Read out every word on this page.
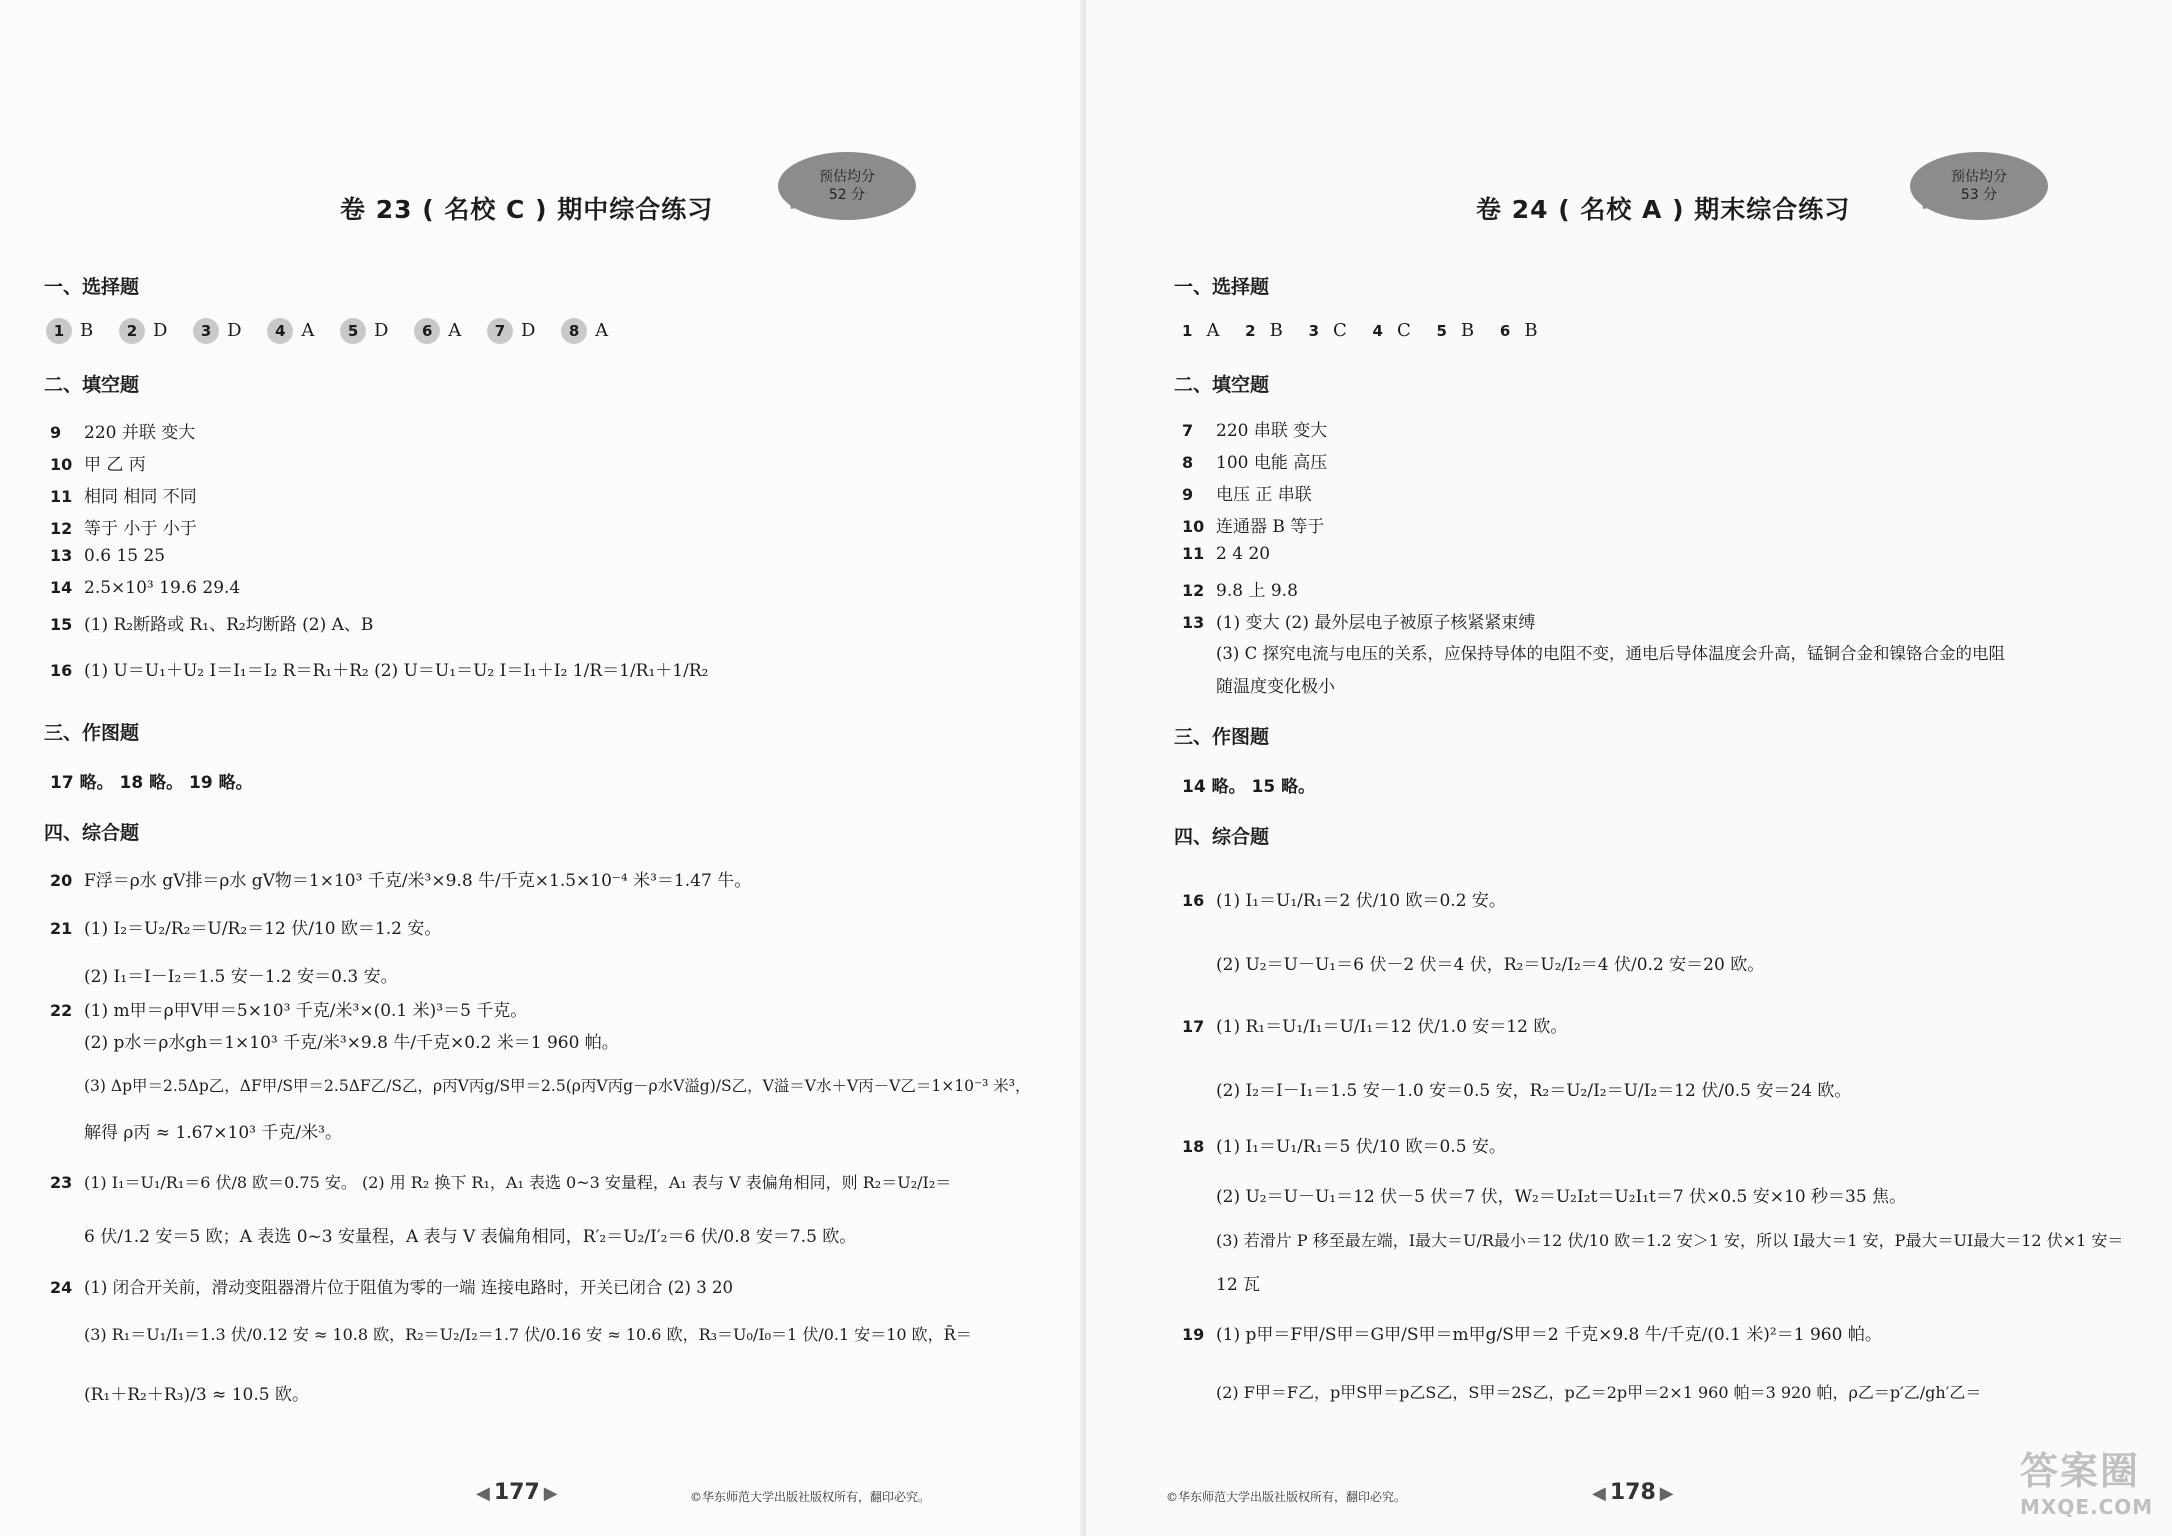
卷 23 ( 名校 C ) 期中综合练习
预估均分
52 分
一、选择题
1 B 2 D 3 D 4 A 5 D 6 A 7 D 8 A
二、填空题
9 220 并联 变大
10 甲 乙 丙
11 相同 相同 不同
12 等于 小于 小于
13 0.6 15 25
14 2.5×10³ 19.6 29.4
15 (1) R₂断路或 R₁、R₂均断路 (2) A、B
16 (1) U＝U₁＋U₂ I＝I₁＝I₂ R＝R₁＋R₂ (2) U＝U₁＝U₂ I＝I₁＋I₂ 1/R＝1/R₁＋1/R₂
三、作图题
17 略。 18 略。 19 略。
四、综合题
20 F浮＝ρ水 gV排＝ρ水 gV物＝1×10³ 千克/米³×9.8 牛/千克×1.5×10⁻⁴ 米³＝1.47 牛。
21 (1) I₂＝U₂/R₂＝U/R₂＝12 伏/10 欧＝1.2 安。
(2) I₁＝I－I₂＝1.5 安－1.2 安＝0.3 安。
22 (1) m甲＝ρ甲V甲＝5×10³ 千克/米³×(0.1 米)³＝5 千克。
(2) p水＝ρ水gh＝1×10³ 千克/米³×9.8 牛/千克×0.2 米＝1 960 帕。
(3) Δp甲＝2.5Δp乙，ΔF甲/S甲＝2.5ΔF乙/S乙，ρ丙V丙g/S甲＝2.5(ρ丙V丙g－ρ水V溢g)/S乙，V溢＝V水＋V丙－V乙＝1×10⁻³ 米³，
解得 ρ丙 ≈ 1.67×10³ 千克/米³。
23 (1) I₁＝U₁/R₁＝6 伏/8 欧＝0.75 安。 (2) 用 R₂ 换下 R₁，A₁ 表选 0~3 安量程，A₁ 表与 V 表偏角相同，则 R₂＝U₂/I₂＝
6 伏/1.2 安＝5 欧；A 表选 0~3 安量程，A 表与 V 表偏角相同，R′₂＝U₂/I′₂＝6 伏/0.8 安＝7.5 欧。
24 (1) 闭合开关前，滑动变阻器滑片位于阻值为零的一端 连接电路时，开关已闭合 (2) 3 20
(3) R₁＝U₁/I₁＝1.3 伏/0.12 安 ≈ 10.8 欧，R₂＝U₂/I₂＝1.7 伏/0.16 安 ≈ 10.6 欧，R₃＝U₀/I₀＝1 伏/0.1 安＝10 欧，R̄＝
(R₁＋R₂＋R₃)/3 ≈ 10.5 欧。
◀ 177 ▶	©华东师范大学出版社版权所有，翻印必究。
卷 24 ( 名校 A ) 期末综合练习
预估均分
53 分
一、选择题
1 A 2 B 3 C 4 C 5 B 6 B
二、填空题
7 220 串联 变大
8 100 电能 高压
9 电压 正 串联
10 连通器 B 等于
11 2 4 20
12 9.8 上 9.8
13 (1) 变大 (2) 最外层电子被原子核紧紧束缚
(3) C 探究电流与电压的关系，应保持导体的电阻不变，通电后导体温度会升高，锰铜合金和镍铬合金的电阻
随温度变化极小
三、作图题
14 略。 15 略。
四、综合题
16 (1) I₁＝U₁/R₁＝2 伏/10 欧＝0.2 安。
(2) U₂＝U－U₁＝6 伏－2 伏＝4 伏，R₂＝U₂/I₂＝4 伏/0.2 安＝20 欧。
17 (1) R₁＝U₁/I₁＝U/I₁＝12 伏/1.0 安＝12 欧。
(2) I₂＝I－I₁＝1.5 安－1.0 安＝0.5 安，R₂＝U₂/I₂＝U/I₂＝12 伏/0.5 安＝24 欧。
18 (1) I₁＝U₁/R₁＝5 伏/10 欧＝0.5 安。
(2) U₂＝U－U₁＝12 伏－5 伏＝7 伏，W₂＝U₂I₂t＝U₂I₁t＝7 伏×0.5 安×10 秒＝35 焦。
(3) 若滑片 P 移至最左端，I最大＝U/R最小＝12 伏/10 欧＝1.2 安＞1 安，所以 I最大＝1 安，P最大＝UI最大＝12 伏×1 安＝
12 瓦
19 (1) p甲＝F甲/S甲＝G甲/S甲＝m甲g/S甲＝2 千克×9.8 牛/千克/(0.1 米)²＝1 960 帕。
(2) F甲＝F乙，p甲S甲＝p乙S乙，S甲＝2S乙，p乙＝2p甲＝2×1 960 帕＝3 920 帕，ρ乙＝p′乙/gh′乙＝
©华东师范大学出版社版权所有，翻印必究。
◀	178 ▶	答案圈
MXQE.COM
